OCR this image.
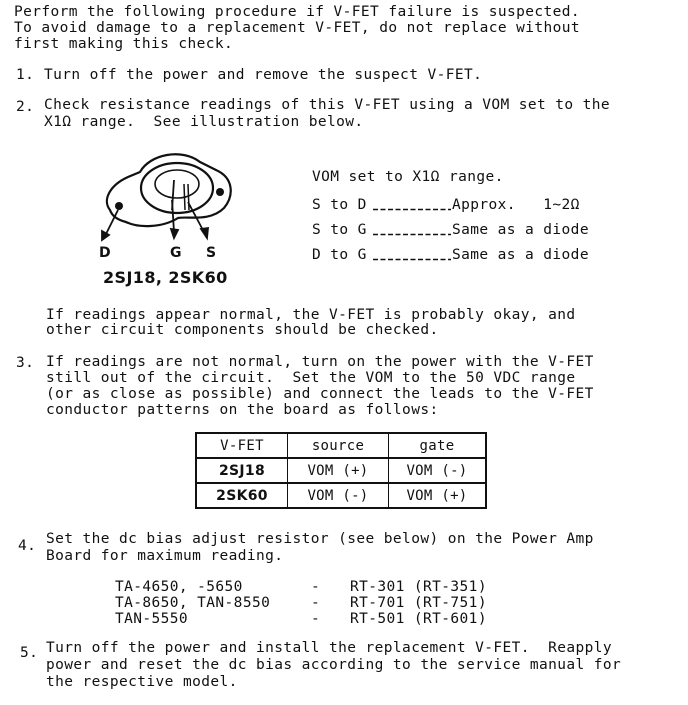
Perform the following procedure if V-FET failure is suspected.
To avoid damage to a replacement V-FET, do not replace without
first making this check.
1. Turn off the power and remove the suspect V-FET.
2. Check resistance readings of this V-FET using a VOM set to the
X1Ω range.  See illustration below.
D	G S
2SJ18, 2SK60
VOM set to X1Ω range.
S to D	Approx.   1~2Ω
S to G	Same as a diode
D to G	Same as a diode
If readings appear normal, the V-FET is probably okay, and
other circuit components should be checked.
3. If readings are not normal, turn on the power with the V-FET
still out of the circuit.  Set the VOM to the 50 VDC range
(or as close as possible) and connect the leads to the V-FET
conductor patterns on the board as follows:
V-FET	source	gate
2SJ18	VOM (+)	VOM (-)
2SK60	VOM (-)	VOM (+)
4. Set the dc bias adjust resistor (see below) on the Power Amp
Board for maximum reading.
TA-4650, -5650	- RT-301 (RT-351)
TA-8650, TAN-8550	- RT-701 (RT-751)
TAN-5550	- RT-501 (RT-601)
5. Turn off the power and install the replacement V-FET.  Reapply
power and reset the dc bias according to the service manual for
the respective model.
